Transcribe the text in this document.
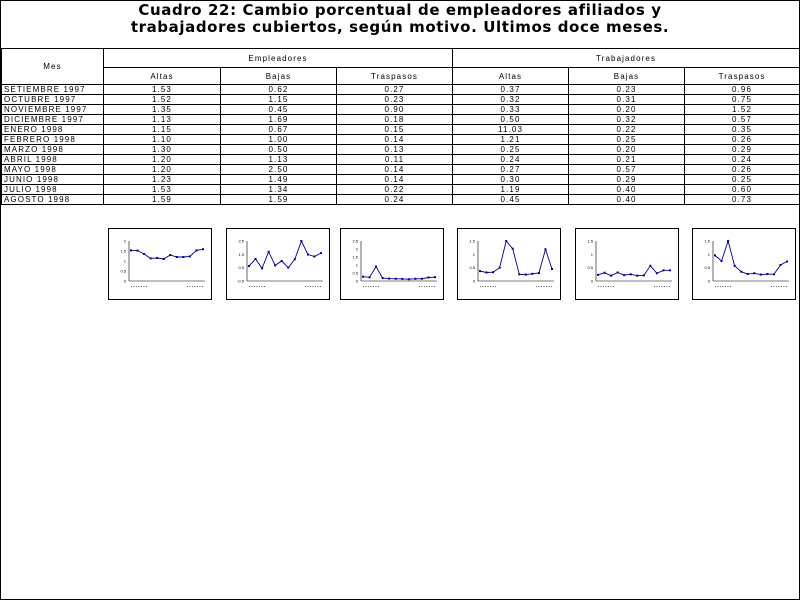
Cuadro 22: Cambio porcentual de empleadores afiliados y
trabajadores cubiertos, según motivo. Ultimos doce meses.
Mes	Empleadores			Trabajadores		
	Altas	Bajas	Traspasos	Altas	Bajas	Traspasos
SETIEMBRE 1997	1.53	0.62	0.27	0.37	0.23	0.96
OCTUBRE 1997	1.52	1.15	0.23	0.32	0.31	0.75
NOVIEMBRE 1997	1.35	0.45	0.90	0.33	0.20	1.52
DICIEMBRE 1997	1.13	1.69	0.18	0.50	0.32	0.57
ENERO 1998	1.15	0.67	0.15	11.03	0.22	0.35
FEBRERO 1998	1.10	1.00	0.14	1.21	0.25	0.26
MARZO 1998	1.30	0.50	0.13	0.25	0.20	0.29
ABRIL 1998	1.20	1.13	0.11	0.24	0.21	0.24
MAYO 1998	1.20	2.50	0.14	0.27	0.57	0.26
JUNIO 1998	1.23	1.49	0.14	0.30	0.29	0.25
JULIO 1998	1.53	1.34	0.22	1.19	0.40	0.60
AGOSTO 1998	1.59	1.59	0.24	0.45	0.40	0.73
2
1.5
1
0.5
0
2.5
1.5
0.5
-0.5
2.5
2
1.5
1
0.5
0
1.5
1
0.5
0
1.5
1
0.5
0
1.5
1
0.5
0
